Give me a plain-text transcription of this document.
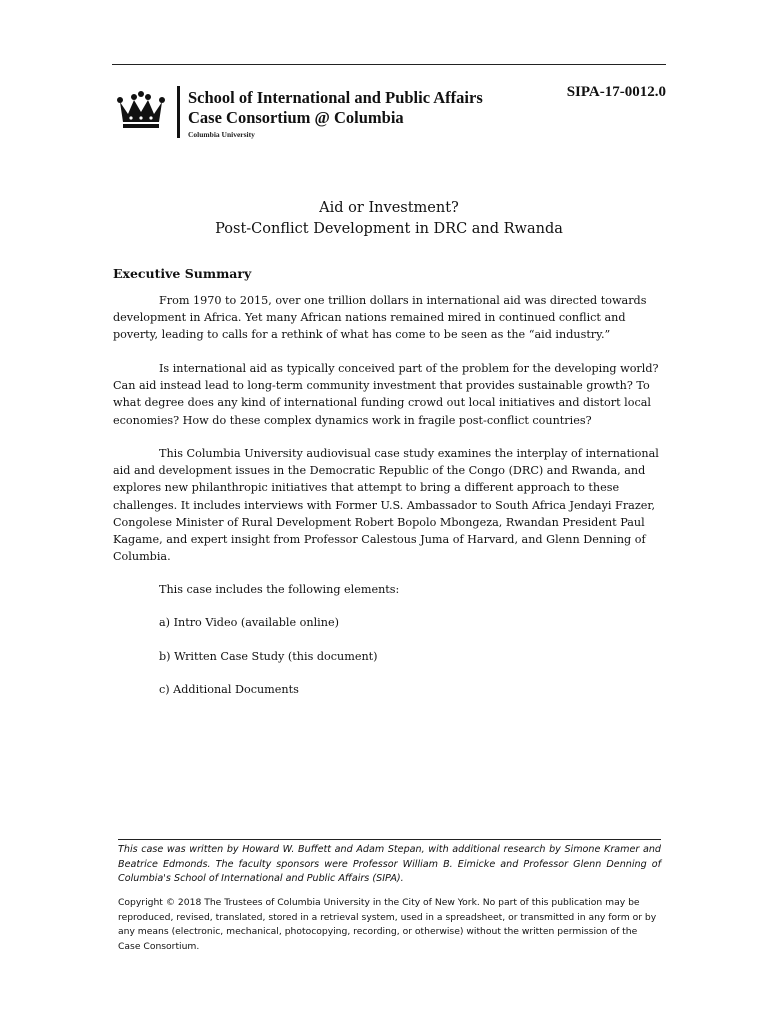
SIPA-17-0012.0
School of International and Public Affairs
Case Consortium @ Columbia
Columbia University
Aid or Investment?
Post-Conflict Development in DRC and Rwanda
Executive Summary

From 1970 to 2015, over one trillion dollars in international aid was directed towards development in Africa. Yet many African nations remained mired in continued conflict and poverty, leading to calls for a rethink of what has come to be seen as the “aid industry.”

Is international aid as typically conceived part of the problem for the developing world? Can aid instead lead to long-term community investment that provides sustainable growth? To what degree does any kind of international funding crowd out local initiatives and distort local economies? How do these complex dynamics work in fragile post-conflict countries?

This Columbia University audiovisual case study examines the interplay of international aid and development issues in the Democratic Republic of the Congo (DRC) and Rwanda, and explores new philanthropic initiatives that attempt to bring a different approach to these challenges. It includes interviews with Former U.S. Ambassador to South Africa Jendayi Frazer, Congolese Minister of Rural Development Robert Bopolo Mbongeza, Rwandan President Paul Kagame, and expert insight from Professor Calestous Juma of Harvard, and Glenn Denning of Columbia.

This case includes the following elements:
a) Intro Video (available online)
b) Written Case Study (this document)
c) Additional Documents
This case was written by Howard W. Buffett and Adam Stepan, with additional research by Simone Kramer and Beatrice Edmonds. The faculty sponsors were Professor William B. Eimicke and Professor Glenn Denning of Columbia's School of International and Public Affairs (SIPA).
Copyright © 2018 The Trustees of Columbia University in the City of New York. No part of this publication may be reproduced, revised, translated, stored in a retrieval system, used in a spreadsheet, or transmitted in any form or by any means (electronic, mechanical, photocopying, recording, or otherwise) without the written permission of the Case Consortium.
